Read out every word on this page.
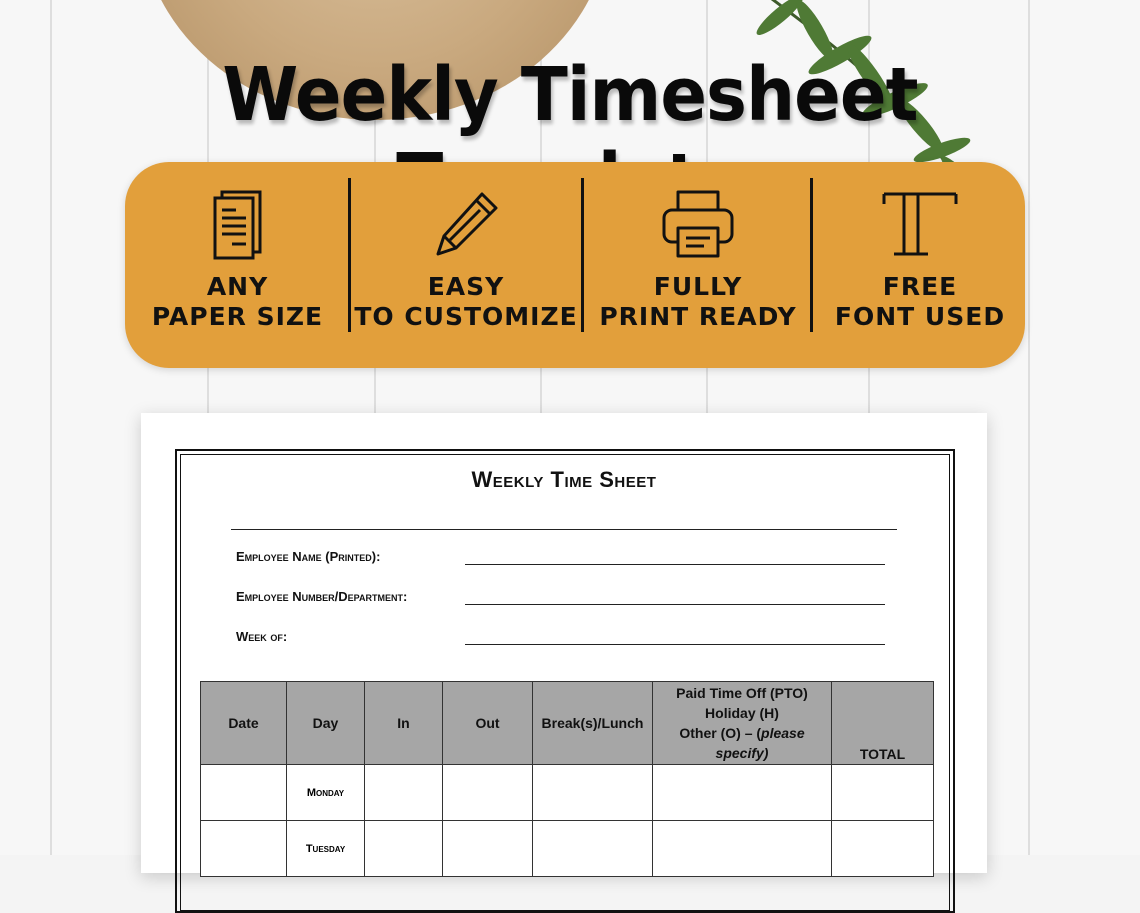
Weekly Timesheet
ANY
PAPER SIZE
EASY
TO CUSTOMIZE
FULLY
PRINT READY
FREE
FONT USED
Weekly Time Sheet
Employee Name (Printed):
Employee Number/Department:
Week of:
Date	Day	In	Out	Break(s)/Lunch	Paid Time Off (PTO)
Holiday (H)
Other (O) – (please
specify)	TOTAL
	Monday					
	Tuesday					
